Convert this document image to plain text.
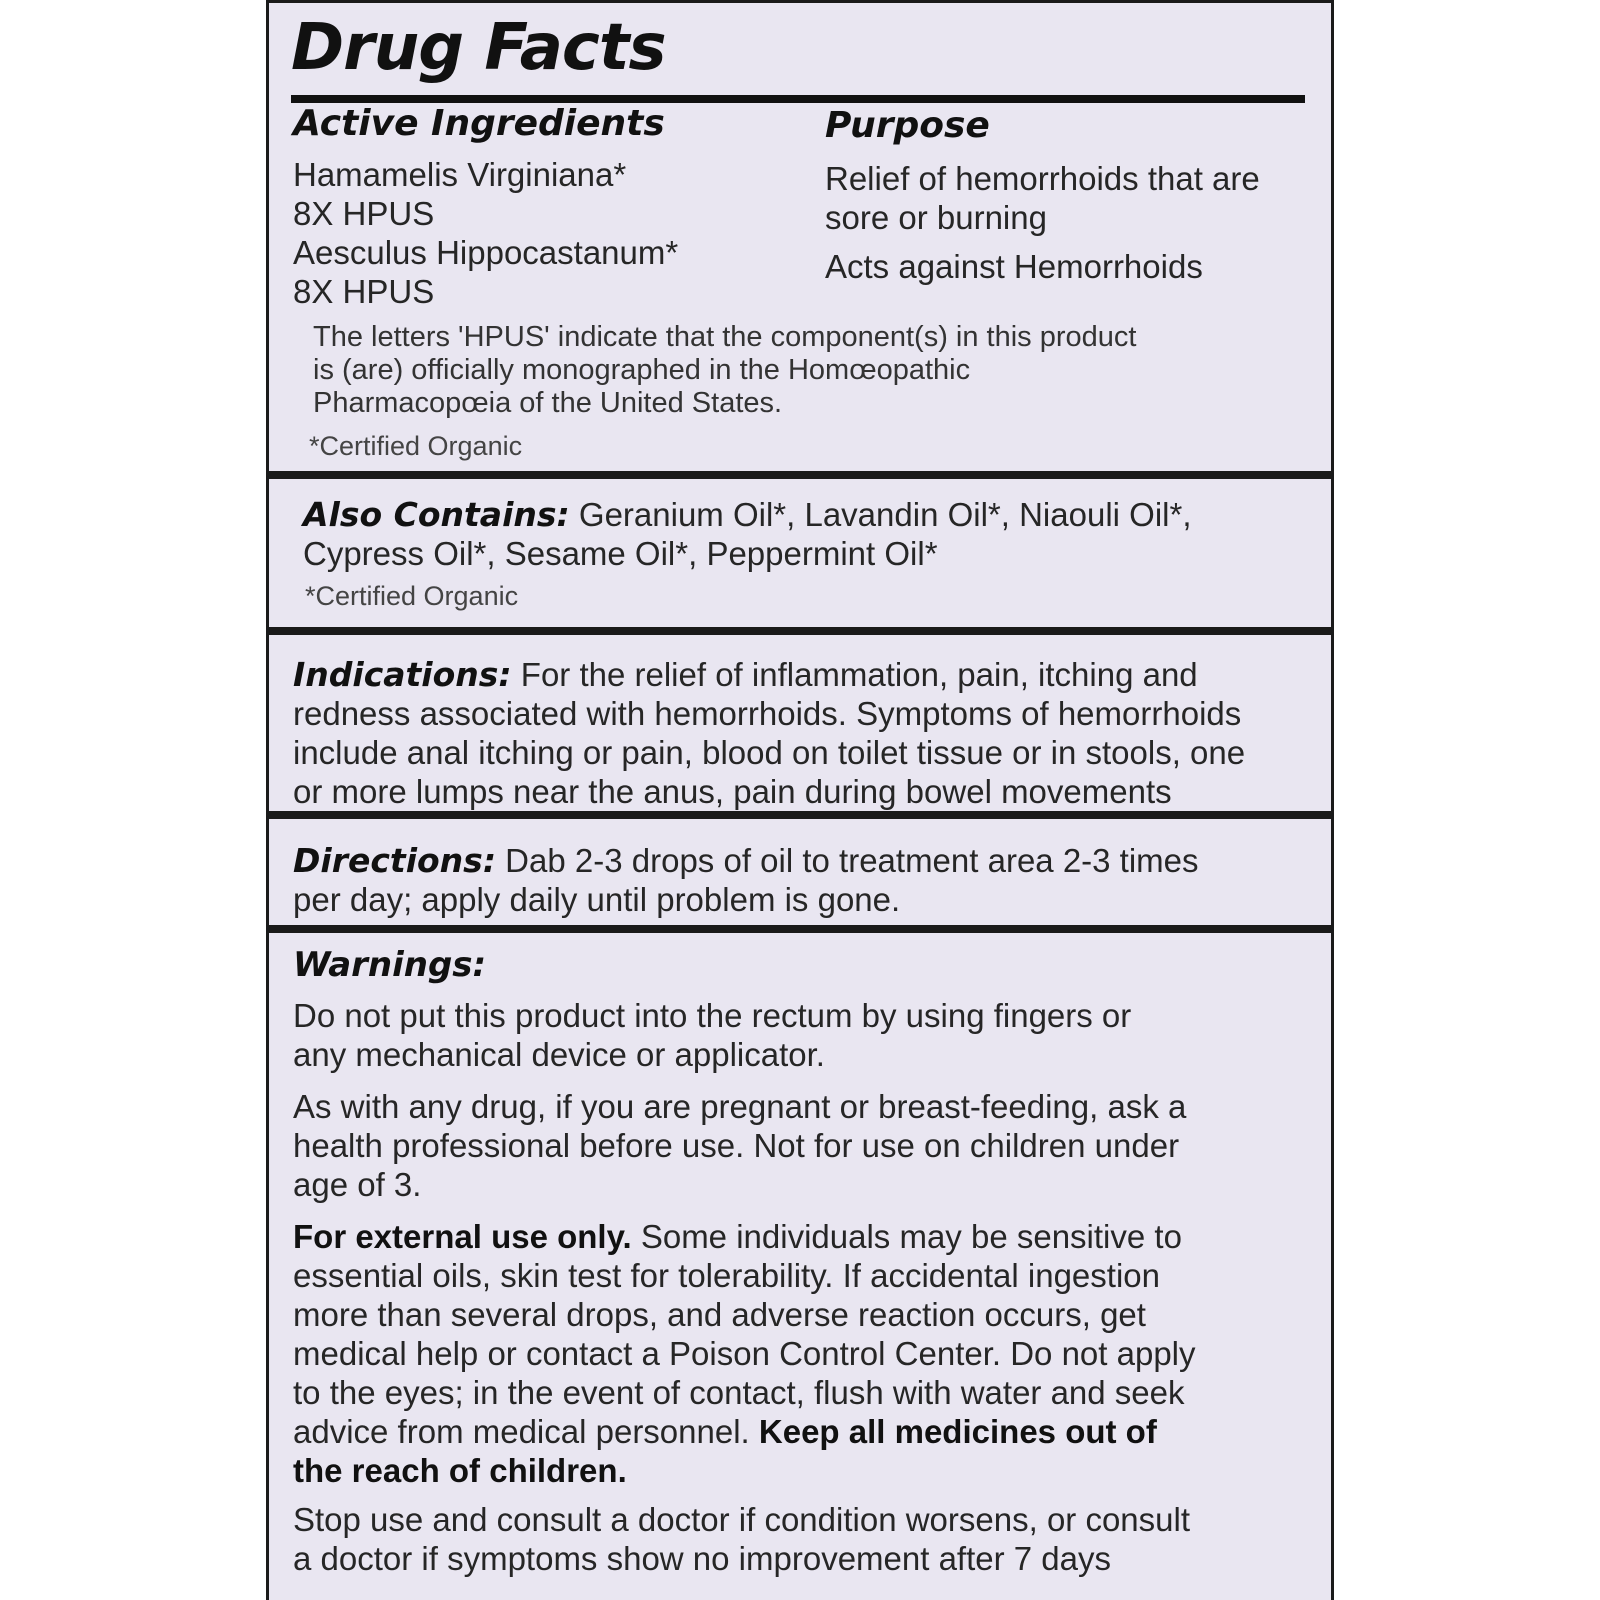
Drug Facts
Active Ingredients	Purpose
Hamamelis Virginiana*
8X HPUS
Aesculus Hippocastanum*
8X HPUS
Relief of hemorrhoids that are
sore or burning
Acts against Hemorrhoids
The letters 'HPUS' indicate that the component(s) in this product
is (are) officially monographed in the Homœopathic
Pharmacopœia of the United States.
*Certified Organic
Also Contains: Geranium Oil*, Lavandin Oil*, Niaouli Oil*,
Cypress Oil*, Sesame Oil*, Peppermint Oil*
*Certified Organic
Indications: For the relief of inflammation, pain, itching and
redness associated with hemorrhoids. Symptoms of hemorrhoids
include anal itching or pain, blood on toilet tissue or in stools, one
or more lumps near the anus, pain during bowel movements
Directions: Dab 2-3 drops of oil to treatment area 2-3 times
per day; apply daily until problem is gone.
Warnings:
Do not put this product into the rectum by using fingers or
any mechanical device or applicator.
As with any drug, if you are pregnant or breast-feeding, ask a
health professional before use. Not for use on children under
age of 3.
For external use only. Some individuals may be sensitive to
essential oils, skin test for tolerability. If accidental ingestion
more than several drops, and adverse reaction occurs, get
medical help or contact a Poison Control Center. Do not apply
to the eyes; in the event of contact, flush with water and seek
advice from medical personnel. Keep all medicines out of
the reach of children.
Stop use and consult a doctor if condition worsens, or consult
a doctor if symptoms show no improvement after 7 days
